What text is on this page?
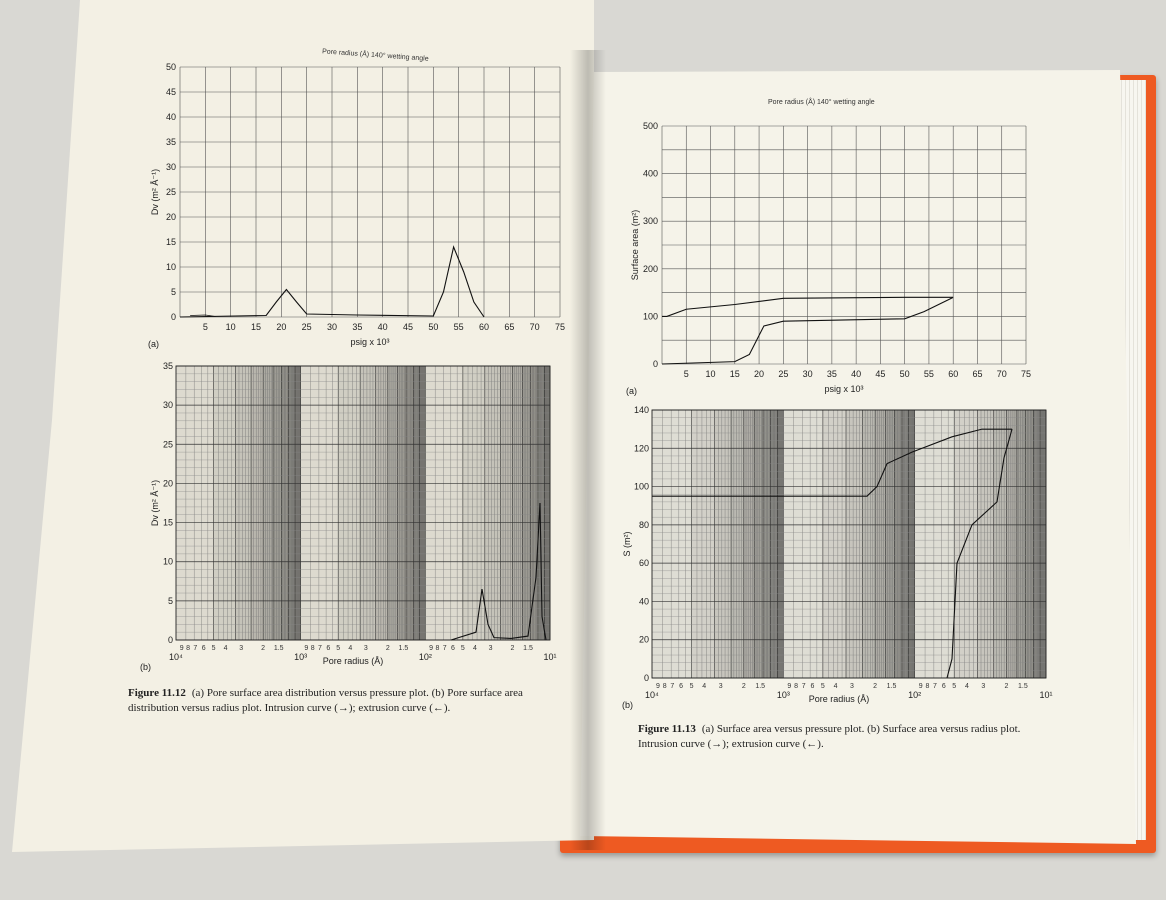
Pore radius (Å) 140° wetting angle
0
5
10
15
20
25
30
35
40
45
50
5 10 15 20 25 30 35 40 45 50 55 60 65 70 75
psig x 10³
Dv (m² Å⁻¹)
(a)
0
5
10
15
20
25
30
35
10⁴	10³	10²	10¹
9 8 7 6 5 4 3	2 1.5	9 8 7 6 5 4 3	2 1.5	9 8 7 6 5 4 3	2 1.5
Pore radius (Å)
Dv (m² Å⁻¹)
(b)
Figure 11.12 (a) Pore surface area distribution versus pressure plot. (b) Pore surface area distribution versus radius plot. Intrusion curve (→); extrusion curve (←).
Pore radius (Å) 140° wetting angle
0
100
200
300
400
500
5 10 15 20 25 30 35 40 45 50 55 60 65 70 75
psig x 10³
Surface area (m²)
(a)
0
20
40
60
80
100
120
140
10⁴	10³	10²	10¹
9 8 7 6 5 4 3	2 1.5	9 8 7 6 5 4 3	2 1.5	9 8 7 6 5 4 3	2 1.5
Pore radius (Å)
S (m²)
(b)
Figure 11.13 (a) Surface area versus pressure plot. (b) Surface area versus radius plot. Intrusion curve (→); extrusion curve (←).
